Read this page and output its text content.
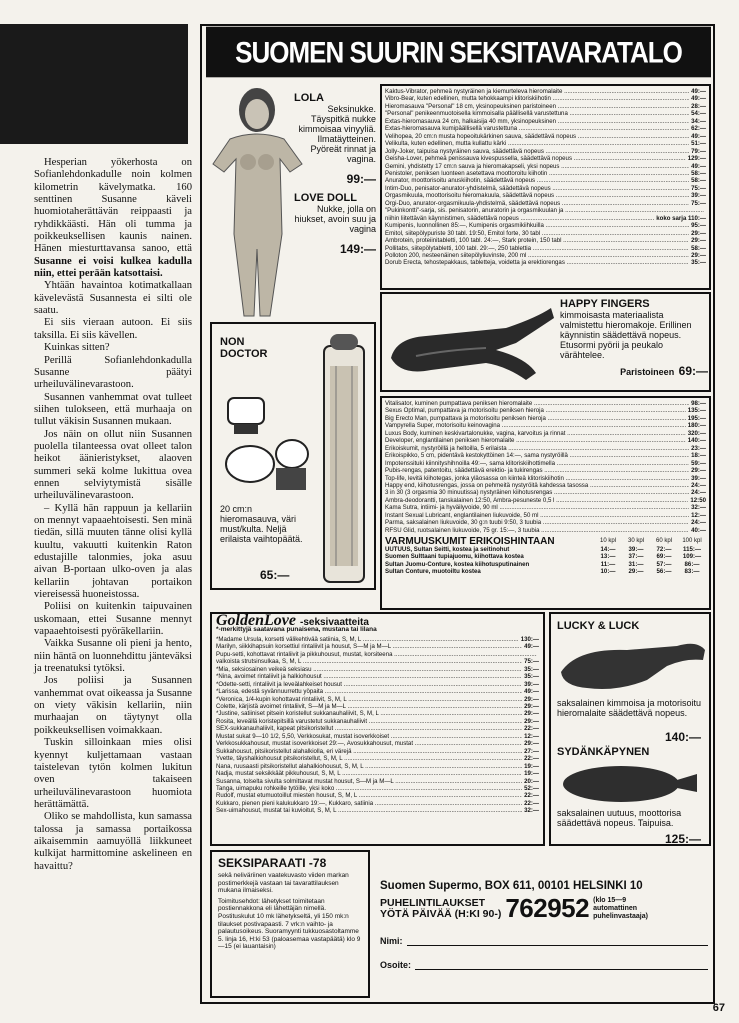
Hesperian yökerhosta on Sofianlehdonkadulle noin kolmen kilometrin kävelymatka. 160 senttinen Susanne käveli huomiotaherättävän reippaasti ja ryhdikkäästi. Hän oli tumma ja poikkeuksellisen kaunis nainen. Hänen miesturttavansa sanoo, että Susanne ei voisi kulkea kadulla niin, ettei perään katsottaisi.

Yhtään havaintoa kotimatkallaan kävelevästä Susannesta ei silti ole saatu.

Ei siis vieraan autoon. Ei siis taksilla. Ei siis kävellen.

Kuinkas sitten?

Perillä Sofianlehdonkadulla Susanne päätyi urheiluvälinevarastoon.

Susannen vanhemmat ovat tulleet siihen tulokseen, että murhaaja on tullut väkisin Susannen mukaan.

Jos näin on ollut niin Susannen puolella tilanteessa ovat olleet talon heikot äänieristykset, alaoven summeri sekä kolme lukittua ovea ennen selviytymistä sisälle urheiluvälinevarastoon.

– Kyllä hän rappuun ja kellariin on mennyt vapaaehtoisesti. Sen minä tiedän, sillä muuten tänne olisi kyllä kuultu, vakuutti kuitenkin Raton edustajille talonmies, joka asuu aivan B-portaan ulko-oven ja alas kellariin johtavan portaikon viereisessä huoneistossa.

Poliisi on kuitenkin taipuvainen uskomaan, ettei Susanne mennyt vapaaehtoisesti pyöräkellariin.

Vaikka Susanne oli pieni ja hento, niin häntä on luonnehdittu jänteväksi ja treenatuksi tytöksi.

Jos poliisi ja Susannen vanhemmat ovat oikeassa ja Susanne on viety väkisin kellariin, niin murhaajan on täytynyt olla poikkeuksellisen voimakkaan.

Tuskin silloinkaan mies olisi kyennyt kuljettamaan vastaan taistelevan tytön kolmen lukitun oven takaiseen urheiluvälinevarastoon huomiota herättämättä.

Oliko se mahdollista, kun samassa talossa ja samassa portaikossa aikaisemmin aamuyöllä liikkuneet kulkijat harmittomine askelineen en havaittu?

SUOMEN SUURIN SEKSITAVARATALO
LOLA
Seksinukke. Täyspitkä nukke kimmoisaa vinyyliä. Ilmatäytteinen. Pyöreät rinnat ja vagina.
99:—
LOVE DOLL
Nukke, jolla on hiukset, avoin suu ja vagina
149:—
Kaktus-Vibrator, pehmeä nystyräinen ja kiemurteleva hieromalaite .....	49:—
Vibro-Bear, kuten edellinen, mutta tehokkaampi klitoriskiihotin .....	49:—
Hieromasauva "Personal" 18 cm, yksinopeuksinen paristoineen .....	28:—
"Personal" penikeenmuotoisella kimmoisalla päällisellä varustettuna .....	54:—
Extas-hieromasauva 24 cm, halkaisija 40 mm, yksinopeuksinen .....	34:—
Extas-hieromasauva kumipäällisellä varustettuna .....	62:—
Velihopea, 20 cm:n musta hopeoitukärkinen sauva, säädettävä nopeus .....	49:—
Velikulta, kuten edellinen, mutta kullattu kärki .....	51:—
Jolly-Joker, taipuisa nystyräinen sauva, säädettävä nopeus .....	79:—
Geisha-Lover, pehmeä penissauva kivespussella, säädettävä nopeus .....	129:—
Gemini, yhdistetty 17 cm:n sauva ja hieromakapseli, yksi nopeus .....	49:—
Penistoler, peniksen luonteen asetettava moottoroitu kiihotin .....	58:—
Anurator, moottorisoitu anuskiihotin, säädettävä nopeus .....	58:—
Intim-Duo, penisator-anurator-yhdistelmä, säädettävä nopeus .....	75:—
Orgasmikuula, moottorisoitu hieromakuula, säädettävä nopeus .....	39:—
Orgi-Duo, anurator-orgasmikuula-yhdistelmä, säädettävä nopeus .....	75:—
"Pukinkontti"-sarja, sis. penisatorin, anuratorin ja orgasmikuulan ja .....
niihin liitettävän käynnistimen, säädettävä nopeus .....	koko sarja 110:—
Kumipenis, luonnollinen 85:—, Kumipenis orgasmikiihkuilla .....	95:—
Emitol, siitepölypuriste 30 tabl. 19:50, Emitol forte, 30 tabl .....	29:—
Ambrotein, proteiinitabletti, 100 tabl. 24:—, Stark protein, 150 tabl .....	29:—
Pollitabs, siitepölytabletti, 100 tabl. 29:—, 250 tablettia .....	58:—
Polloton 200, nesteenäinen siitepölyliuvinste, 200 ml .....	29:—
Dorub Erecta, tehostepakkaus, tabletteja, voidetta ja erektiorengas .....	35:—
HAPPY FINGERS
kimmoisasta materiaalista valmistettu hieromakoje. Erillinen käynnistin säädettävä nopeus. Etusormi pyörii ja peukalo värähtelee.
Paristoineen 69:—
NON DOCTOR
20 cm:n hieromasauva, väri must/kulta. Neljä erilaista vaihtopäätä.
65:—
Vitalisator, kuminen pumpattava peniksen hieromalaite .....	98:—
Sexus Optimal, pumpattava ja motorisoitu peniksen hieroja .....	135:—
Big Erecto Man, pumpattava ja motorisoitu peniksen hieroja .....	195:—
Vampyrella Super, motorisoitu keinovagina .....	180:—
Luxus Body, kuminen keskivartalonukke, vagina, karvoitus ja rinnat .....	320:—
Developer, englantilainen peniksen hieromalaite .....	140:—
Erikoiskumit, nystyröillä ja heltoilla, 5 erilaista .....	23:—
Erikoispikko, 5 cm, pidentävä kestokyttöinen 14:—, sama nystyröillä .....	18:—
Impotenssituki kiinnityshihnoilla 49:—, sama klitoriskiihottimella .....	59:—
Pubis-rengas, patentoitu, säädettävä erektio- ja tukirengas .....	29:—
Top-life, levitä kiihotegas, jonka yläosassa on kiinteä klitoriskiihotin .....	39:—
Happy end, kiihotusrengas, jossa on pehmeitä nystyröitä kahdessa tasossa .....	24:—
3 in 30 (3 orgasmia 30 minuutissa) nystyräinen kiihotusrengas .....	24:—
Ambra-deodorantti, tanskalainen 12:50, Ambra-pesuneste 0,5 l .....	12:50
Kama Sutra, intiimi- ja hyväilyvoide, 90 ml .....	32:—
Instant Sexual Lubricant, englantilainen liukuvoide, 50 ml .....	12:—
Parma, saksalainen liukuvoide, 30 g:n tuubi 9:50, 3 tuubia .....	24:—
RFSU Glid, ruotsalainen liukuvoide, 75 gr. 15:—, 3 tuubia .....	40:—
VARMUUSKUMIT ERIKOISHINTAAN	10 kpl	30 kpl	60 kpl	100 kpl
UUTUUS, Sultan Seitti, kostea ja seitinohut	14:—	39:—	72:—	115:—
Suomen Sulttaani tupiajuomu, kiihottava kostea	13:—	37:—	69:—	109:—
Sultan Juomu-Conture, kostea kiihotusputinainen	11:—	31:—	57:—	86:—
Sultan Conture, muotoiltu kostea	10:—	29:—	56:—	83:—
GoldenLove -seksivaatteita
*-merkittyjä saatavana punaisena, mustana tai lilana
*Madame Ursula, korsetti välikehtivää satiinia, S, M, L .....	130:—
Marilyn, siikkihapsuin korsettiul rintaliivit ja housut, S—M ja M—L .....	49:—
Pupu-setti, kohottavat rintaliivit ja pikkuhousut, mustat, korsiteena .....
valkoista strutsinsulkaa, S, M, L .....	75:—
*Mia, seksiosainen veikeä seksiasu .....	35:—
*Nina, avoimet rintaliivit ja halkiohousut .....	35:—
*Odette-setti, rintaliivit ja leveälahkeiset housut .....	39:—
*Larissa, edestä syvännuurrettu yöpaita .....	49:—
*Veronica, 1/4-kupin kohottavat rintaliivit, S, M, L .....	29:—
Colette, kärjistä avoimet rintaliivit, S—M ja M—L .....	29:—
*Justine, satiiniset pitsein koristellut sukkanauhaliivit, S, M, L .....	29:—
Rosita, leveällä koristepitsillä varustetut sukkanauhaliivit .....	29:—
SEX-sukkanauhaliivit, kapeat pitsikoristellut .....	22:—
Mustat sukat 9—10 1/2, 5,50, Verkkosukat, mustat isoverkkoiset .....	12:—
Verkkosukkahousut, mustat isoverkkoiset 29:—, Avosukkahousut, mustat .....	29:—
Sukkahousut, pitsikoristellut alahalkiolla, eri värejä .....	27:—
Yvette, täyshalkiohousut pitsikoristellut, S, M, L .....	22:—
Nana, ruusaasti pitsikoristellut alahalkiohousut, S, M, L .....	19:—
Nadja, mustat seksikkäät pikkuhousut, S, M, L .....	19:—
Susanna, tolselta sivulta solmittavat mustat housut, S—M ja M—L .....	20:—
Tanga, uimapuku rohkeille tytöille, yksi koko .....	52:—
Rudolf, mustat etumuotoillut miesten housut, S, M, L .....	22:—
Kukkaro, pienen pieni kalukukkaro 19:—, Kukkaro, satiinia .....	22:—
Sex-uimahousut, mustat tai kuvioitut, S, M, L .....	32:—
LUCKY & LUCK
saksalainen kimmoisa ja motorisoitu hieromalaite säädettävä nopeus.
140:—
SYDÄNKÄPYNEN
saksalainen uutuus, moottorisa säädettävä nopeus. Taipuisa.
125:—
SEKSIPARAATI -78
sekä neliväriinen vaatekuvasto viiden markan postimerkkejä vastaan tai tavarattilauksen mukana ilmaiseksi.
Toimitusehdot: lähetykset toimitetaan postiennakkona eli lähettäjän nimellä. Postituskulut 10 mk lähetykseltä, yli 150 mk:n tilaukset postivapaasti. 7 vrk:n vaihto- ja palautusoikeus. Suoramyynti tukkuosastoltamme 5. linja 16, H:ki 53 (paloasemaa vastapäätä) klo 9—15 (ei lauantaisin)
Suomen Supermo, BOX 611, 00101 HELSINKI 10
PUHELINTILAUKSET
YÖTÄ PÄIVÄÄ (H:KI 90-) 762952 (klo 15—9 automattinen puhelinvastaaja)
Nimi:
Osoite:
67
